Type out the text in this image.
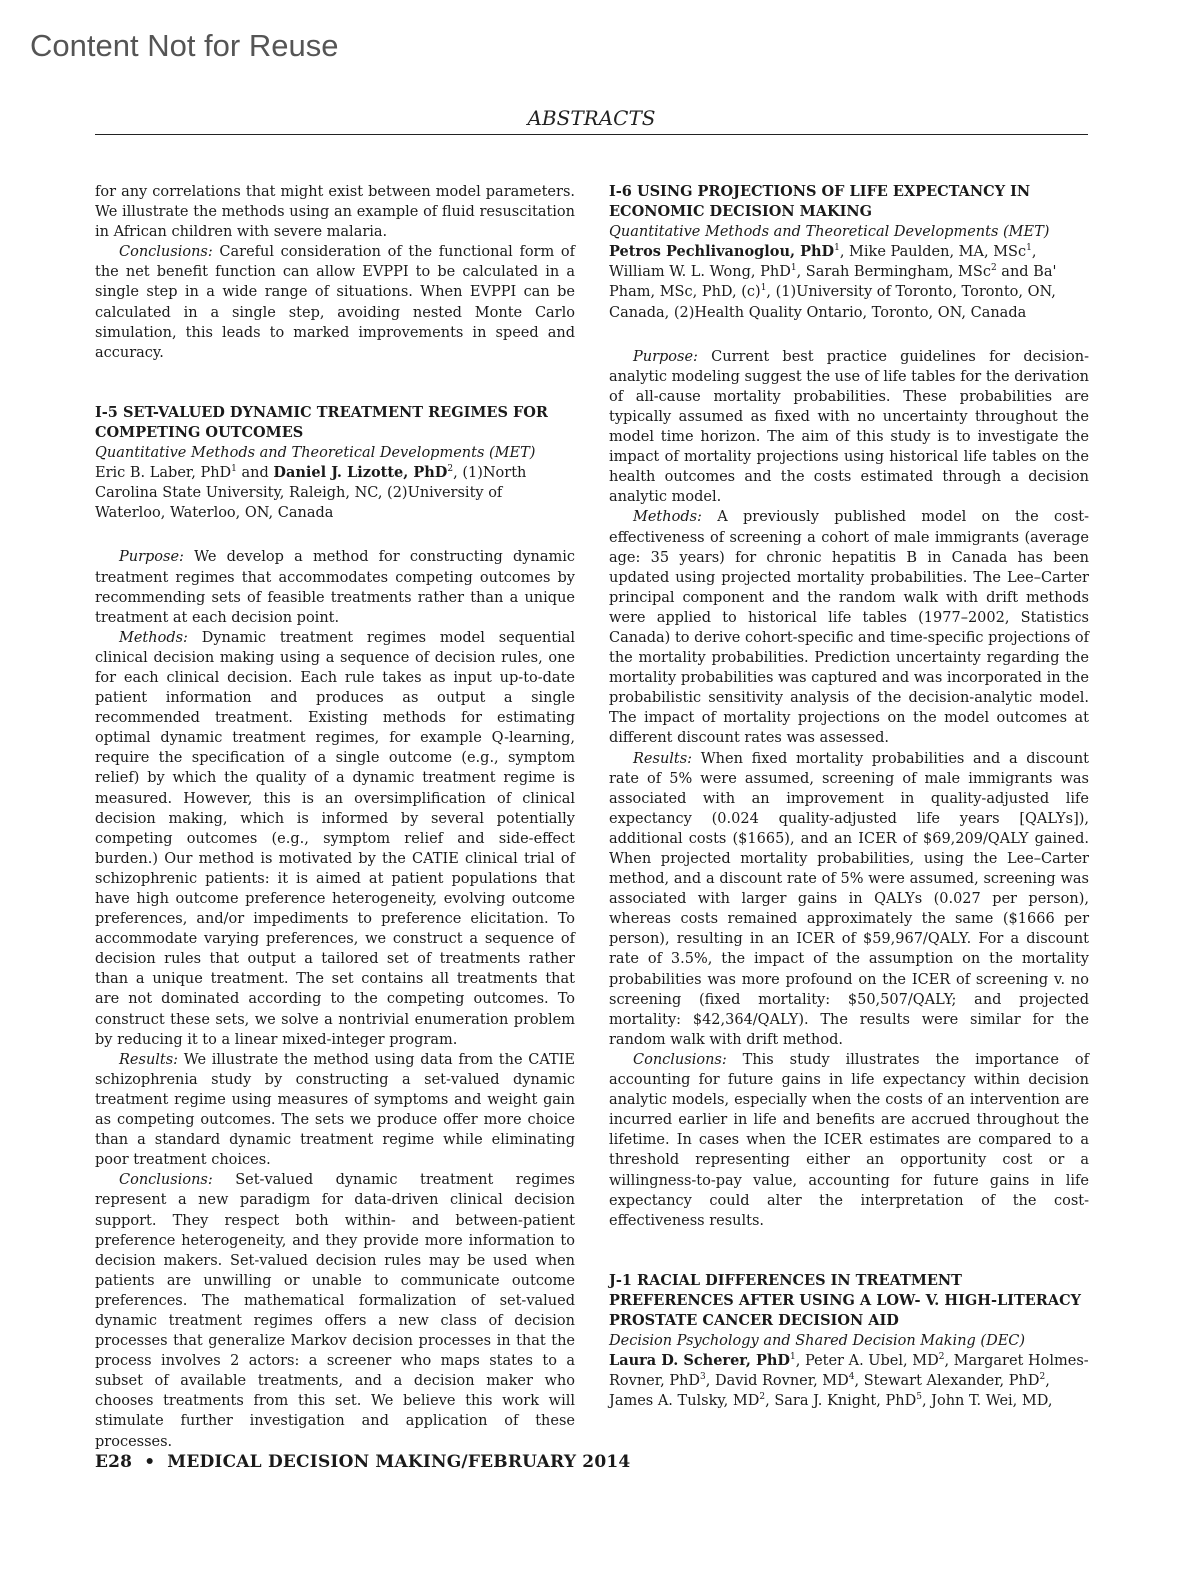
Content Not for Reuse
ABSTRACTS

for any correlations that might exist between model parameters. We illustrate the methods using an example of fluid resuscitation in African children with severe malaria.

Conclusions: Careful consideration of the functional form of the net benefit function can allow EVPPI to be calculated in a single step in a wide range of situations. When EVPPI can be calculated in a single step, avoiding nested Monte Carlo simulation, this leads to marked improvements in speed and accuracy.

I-5 SET-VALUED DYNAMIC TREATMENT REGIMES FOR COMPETING OUTCOMES

Quantitative Methods and Theoretical Developments (MET)

Eric B. Laber, PhD$^1$ and Daniel J. Lizotte, PhD$^2$, (1)North Carolina State University, Raleigh, NC, (2)University of Waterloo, Waterloo, ON, Canada

Purpose: We develop a method for constructing dynamic treatment regimes that accommodates competing outcomes by recommending sets of feasible treatments rather than a unique treatment at each decision point.

Methods: Dynamic treatment regimes model sequential clinical decision making using a sequence of decision rules, one for each clinical decision. Each rule takes as input up-to-date patient information and produces as output a single recommended treatment. Existing methods for estimating optimal dynamic treatment regimes, for example Q-learning, require the specification of a single outcome (e.g., symptom relief) by which the quality of a dynamic treatment regime is measured. However, this is an oversimplification of clinical decision making, which is informed by several potentially competing outcomes (e.g., symptom relief and side-effect burden.) Our method is motivated by the CATIE clinical trial of schizophrenic patients: it is aimed at patient populations that have high outcome preference heterogeneity, evolving outcome preferences, and/or impediments to preference elicitation. To accommodate varying preferences, we construct a sequence of decision rules that output a tailored set of treatments rather than a unique treatment. The set contains all treatments that are not dominated according to the competing outcomes. To construct these sets, we solve a nontrivial enumeration problem by reducing it to a linear mixed-integer program.

Results: We illustrate the method using data from the CATIE schizophrenia study by constructing a set-valued dynamic treatment regime using measures of symptoms and weight gain as competing outcomes. The sets we produce offer more choice than a standard dynamic treatment regime while eliminating poor treatment choices.

Conclusions: Set-valued dynamic treatment regimes represent a new paradigm for data-driven clinical decision support. They respect both within- and between-patient preference heterogeneity, and they provide more information to decision makers. Set-valued decision rules may be used when patients are unwilling or unable to communicate outcome preferences. The mathematical formalization of set-valued dynamic treatment regimes offers a new class of decision processes that generalize Markov decision processes in that the process involves 2 actors: a screener who maps states to a subset of available treatments, and a decision maker who chooses treatments from this set. We believe this work will stimulate further investigation and application of these processes.

I-6 USING PROJECTIONS OF LIFE EXPECTANCY IN ECONOMIC DECISION MAKING

Quantitative Methods and Theoretical Developments (MET)

Petros Pechlivanoglou, PhD$^1$, Mike Paulden, MA, MSc$^1$, William W. L. Wong, PhD$^1$, Sarah Bermingham, MSc$^2$ and Ba' Pham, MSc, PhD, $(c)^1$, (1)University of Toronto, Toronto, ON, Canada, (2)Health Quality Ontario, Toronto, ON, Canada

Purpose: Current best practice guidelines for decision-analytic modeling suggest the use of life tables for the derivation of all-cause mortality probabilities. These probabilities are typically assumed as fixed with no uncertainty throughout the model time horizon. The aim of this study is to investigate the impact of mortality projections using historical life tables on the health outcomes and the costs estimated through a decision analytic model.

Methods: A previously published model on the cost-effectiveness of screening a cohort of male immigrants (average age: 35 years) for chronic hepatitis B in Canada has been updated using projected mortality probabilities. The Lee–Carter principal component and the random walk with drift methods were applied to historical life tables (1977–2002, Statistics Canada) to derive cohort-specific and time-specific projections of the mortality probabilities. Prediction uncertainty regarding the mortality probabilities was captured and was incorporated in the probabilistic sensitivity analysis of the decision-analytic model. The impact of mortality projections on the model outcomes at different discount rates was assessed.

Results: When fixed mortality probabilities and a discount rate of 5% were assumed, screening of male immigrants was associated with an improvement in quality-adjusted life expectancy (0.024 quality-adjusted life years [QALYs]), additional costs ($1665), and an ICER of $69,209/QALY gained. When projected mortality probabilities, using the Lee–Carter method, and a discount rate of 5% were assumed, screening was associated with larger gains in QALYs (0.027 per person), whereas costs remained approximately the same ($1666 per person), resulting in an ICER of $59,967/QALY. For a discount rate of 3.5%, the impact of the assumption on the mortality probabilities was more profound on the ICER of screening v. no screening (fixed mortality: $50,507/QALY; and projected mortality: $42,364/QALY). The results were similar for the random walk with drift method.

Conclusions: This study illustrates the importance of accounting for future gains in life expectancy within decision analytic models, especially when the costs of an intervention are incurred earlier in life and benefits are accrued throughout the lifetime. In cases when the ICER estimates are compared to a threshold representing either an opportunity cost or a willingness-to-pay value, accounting for future gains in life expectancy could alter the interpretation of the cost-effectiveness results.

J-1 RACIAL DIFFERENCES IN TREATMENT PREFERENCES AFTER USING A LOW- V. HIGH-LITERACY PROSTATE CANCER DECISION AID

Decision Psychology and Shared Decision Making (DEC)

Laura D. Scherer, PhD$^1$, Peter A. Ubel, $MD^2$, Margaret Holmes-Rovner, PhD$^3$, David Rovner, $MD^4$, Stewart Alexander, PhD$^2$, James A. Tulsky, $MD^2$, Sara J. Knight, PhD$^5$, John T. Wei, MD,

E28 • MEDICAL DECISION MAKING/FEBRUARY 2014
